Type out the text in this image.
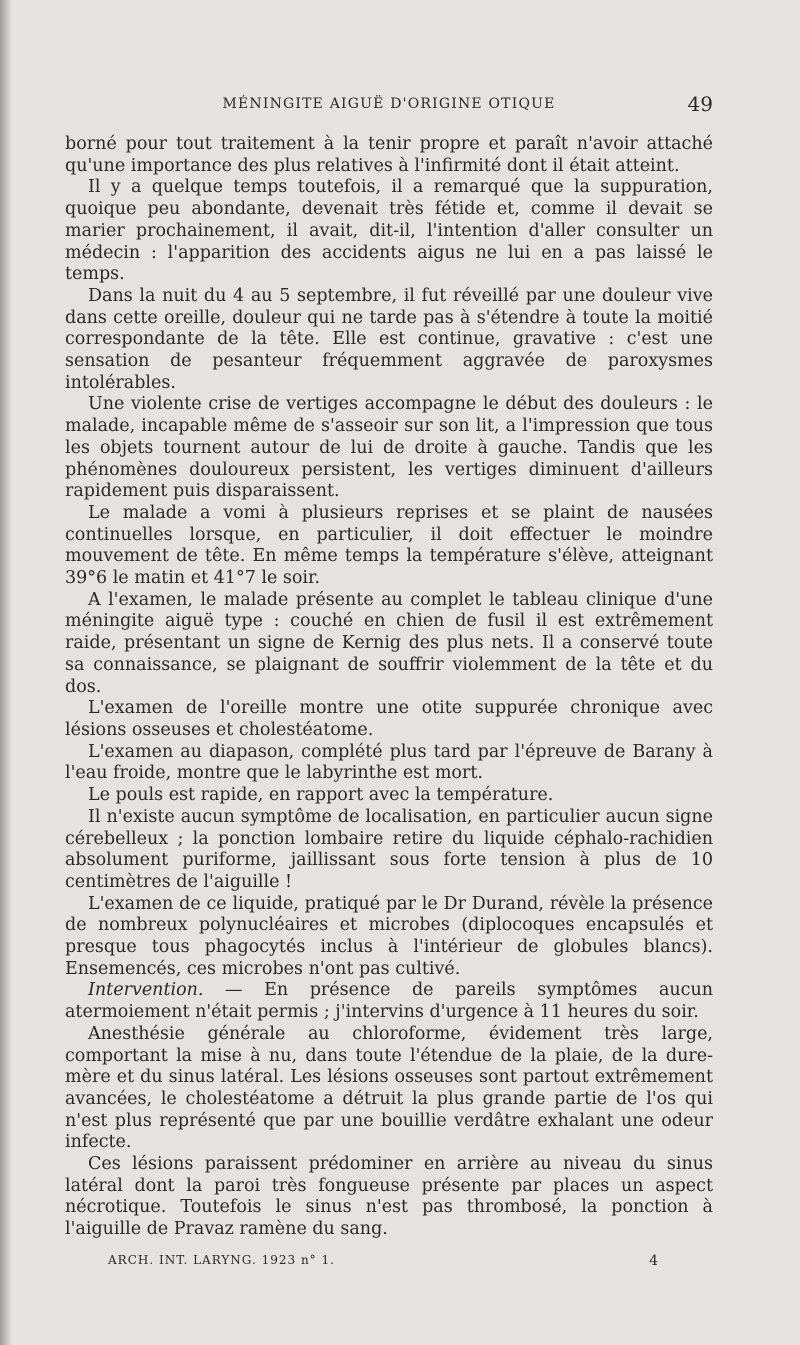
MÉNINGITE AIGUË D'ORIGINE OTIQUE	49

borné pour tout traitement à la tenir propre et paraît n'avoir attaché qu'une importance des plus relatives à l'infirmité dont il était atteint.

Il y a quelque temps toutefois, il a remarqué que la suppuration, quoique peu abondante, devenait très fétide et, comme il devait se marier prochainement, il avait, dit-il, l'intention d'aller consulter un médecin : l'apparition des accidents aigus ne lui en a pas laissé le temps.

Dans la nuit du 4 au 5 septembre, il fut réveillé par une douleur vive dans cette oreille, douleur qui ne tarde pas à s'étendre à toute la moitié correspondante de la tête. Elle est continue, gravative : c'est une sensation de pesanteur fréquemment aggravée de paroxysmes intolérables.

Une violente crise de vertiges accompagne le début des douleurs : le malade, incapable même de s'asseoir sur son lit, a l'impression que tous les objets tournent autour de lui de droite à gauche. Tandis que les phénomènes douloureux persistent, les vertiges diminuent d'ailleurs rapidement puis disparaissent.

Le malade a vomi à plusieurs reprises et se plaint de nausées continuelles lorsque, en particulier, il doit effectuer le moindre mouvement de tête. En même temps la température s'élève, atteignant 39°6 le matin et 41°7 le soir.

A l'examen, le malade présente au complet le tableau clinique d'une méningite aiguë type : couché en chien de fusil il est extrêmement raide, présentant un signe de Kernig des plus nets. Il a conservé toute sa connaissance, se plaignant de souffrir violemment de la tête et du dos.

L'examen de l'oreille montre une otite suppurée chronique avec lésions osseuses et cholestéatome.

L'examen au diapason, complété plus tard par l'épreuve de Barany à l'eau froide, montre que le labyrinthe est mort.

Le pouls est rapide, en rapport avec la température.

Il n'existe aucun symptôme de localisation, en particulier aucun signe cérebelleux ; la ponction lombaire retire du liquide céphalo-rachidien absolument puriforme, jaillissant sous forte tension à plus de 10 centimètres de l'aiguille !

L'examen de ce liquide, pratiqué par le Dr Durand, révèle la présence de nombreux polynucléaires et microbes (diplocoques encapsulés et presque tous phagocytés inclus à l'intérieur de globules blancs). Ensemencés, ces microbes n'ont pas cultivé.

Intervention. — En présence de pareils symptômes aucun atermoiement n'était permis ; j'intervins d'urgence à 11 heures du soir.

Anesthésie générale au chloroforme, évidement très large, comportant la mise à nu, dans toute l'étendue de la plaie, de la dure-mère et du sinus latéral. Les lésions osseuses sont partout extrêmement avancées, le cholestéatome a détruit la plus grande partie de l'os qui n'est plus représenté que par une bouillie verdâtre exhalant une odeur infecte.

Ces lésions paraissent prédominer en arrière au niveau du sinus latéral dont la paroi très fongueuse présente par places un aspect nécrotique. Toutefois le sinus n'est pas thrombosé, la ponction à l'aiguille de Pravaz ramène du sang.

ARCH. INT. LARYNG. 1923 n° 1.	4
